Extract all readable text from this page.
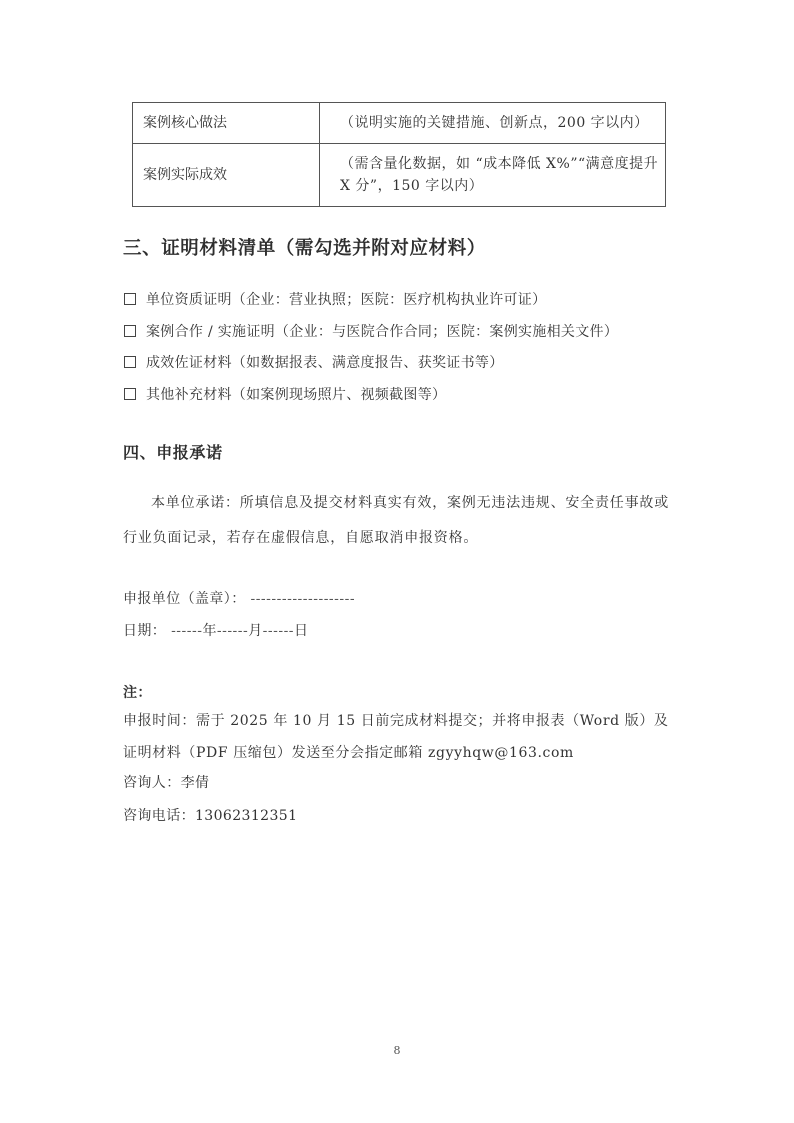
案例核心做法	（说明实施的关键措施、创新点，200 字以内）
案例实际成效	（需含量化数据，如 “成本降低 X%”“满意度提升 X 分”，150 字以内）
三、证明材料清单（需勾选并附对应材料）
单位资质证明（企业：营业执照；医院：医疗机构执业许可证）
案例合作 / 实施证明（企业：与医院合作合同；医院：案例实施相关文件）
成效佐证材料（如数据报表、满意度报告、获奖证书等）
其他补充材料（如案例现场照片、视频截图等）
四、申报承诺

本单位承诺：所填信息及提交材料真实有效，案例无违法违规、安全责任事故或行业负面记录，若存在虚假信息，自愿取消申报资格。

申报单位（盖章）： --------------------
日期： ------年------月------日
注：

申报时间：需于 2025 年 10 月 15 日前完成材料提交；并将申报表（Word 版）及证明材料（PDF 压缩包）发送至分会指定邮箱 zgyyhqw@163.com

咨询人：李倩
咨询电话：13062312351
8
